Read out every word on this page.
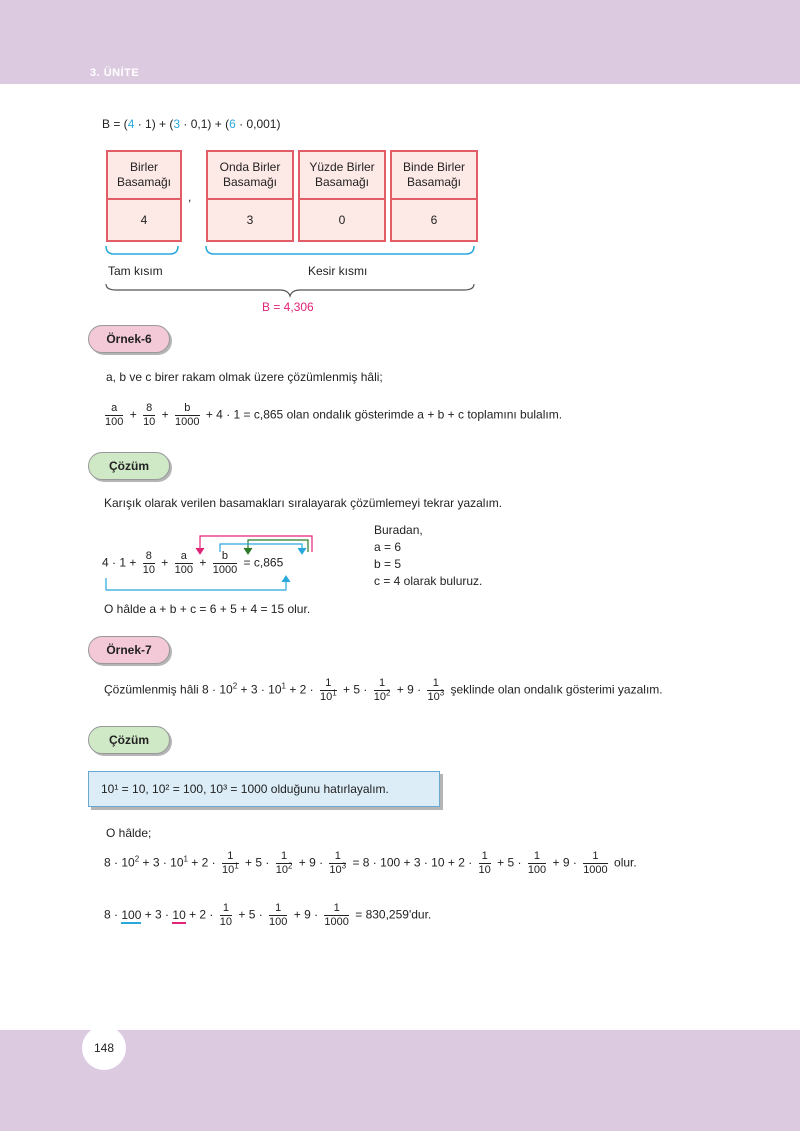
3. ÜNİTE
B = (4 · 1) + (3 · 0,1) + (6 · 0,001)
Birler Basamağı
4
,
Onda Birler Basamağı
3
Yüzde Birler Basamağı
0
Binde Birler Basamağı
6
Tam kısım	Kesir kısmı
B = 4,306
Örnek-6
a, b ve c birer rakam olmak üzere çözümlenmiş hâli;
$\frac{a}{100} + \frac{8}{10} + \frac{b}{1000} + 4 \cdot 1 = c,865$ olan ondalık gösterimde a + b + c toplamını bulalım.
Çözüm
Karışık olarak verilen basamakları sıralayarak çözümlemeyi tekrar yazalım.
$4 \cdot 1 + \frac{8}{10} + \frac{a}{100} + \frac{b}{1000} = c,865$
Buradan,
a = 6
b = 5
c = 4 olarak buluruz.
O hâlde a + b + c = 6 + 5 + 4 = 15 olur.
Örnek-7
Çözümlenmiş hâli $8 \cdot 10^2 + 3 \cdot 10^1 + 2 \cdot \frac{1}{10^1} + 5 \cdot \frac{1}{10^2} + 9 \cdot \frac{1}{10^3}$ şeklinde olan ondalık gösterimi yazalım.
Çözüm
10¹ = 10, 10² = 100, 10³ = 1000 olduğunu hatırlayalım.
O hâlde;
$8 \cdot 10^2 + 3 \cdot 10^1 + 2 \cdot \frac{1}{10^1} + 5 \cdot \frac{1}{10^2} + 9 \cdot \frac{1}{10^3} = 8 \cdot 100 + 3 \cdot 10 + 2 \cdot \frac{1}{10} + 5 \cdot \frac{1}{100} + 9 \cdot \frac{1}{1000}$ olur.
$8 \cdot 100 + 3 \cdot 10 + 2 \cdot \frac{1}{10} + 5 \cdot \frac{1}{100} + 9 \cdot \frac{1}{1000} = 830,259'dur$.
148
